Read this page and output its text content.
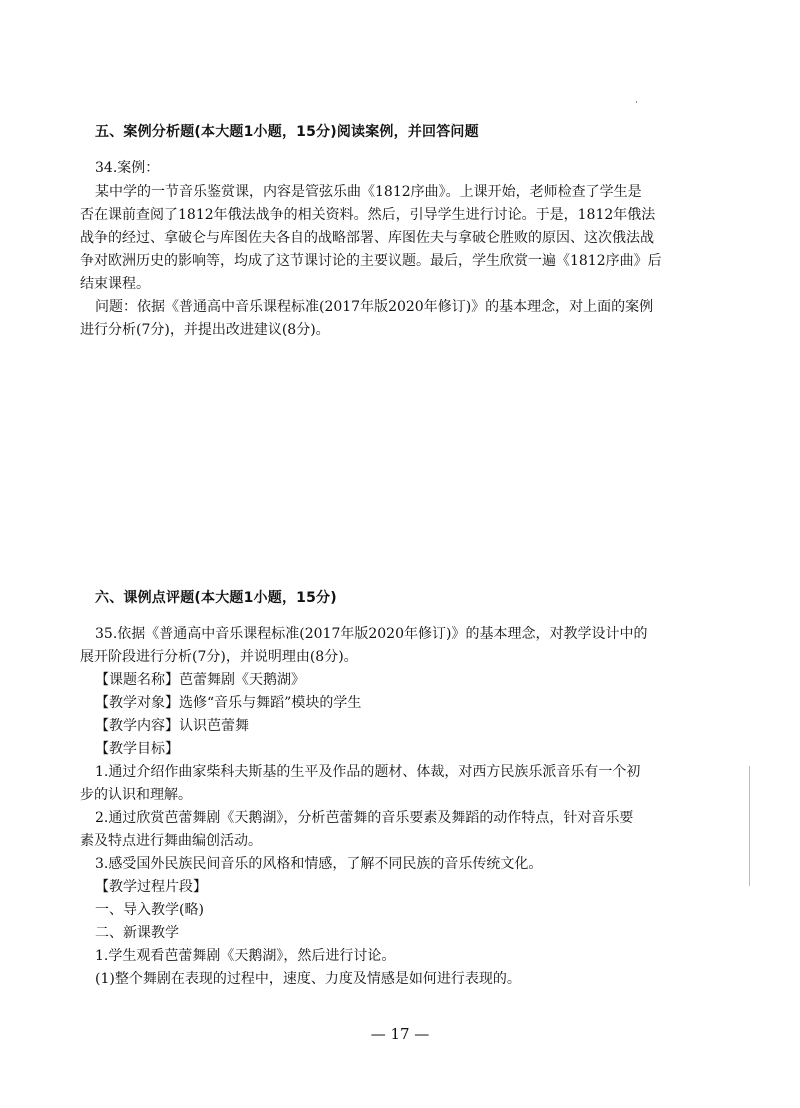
五、案例分析题(本大题1小题，15分)阅读案例，并回答问题
34.案例：
某中学的一节音乐鉴赏课，内容是管弦乐曲《1812序曲》。上课开始，老师检查了学生是
否在课前查阅了1812年俄法战争的相关资料。然后，引导学生进行讨论。于是，1812年俄法
战争的经过、拿破仑与库图佐夫各自的战略部署、库图佐夫与拿破仑胜败的原因、这次俄法战
争对欧洲历史的影响等，均成了这节课讨论的主要议题。最后，学生欣赏一遍《1812序曲》后
结束课程。
问题：依据《普通高中音乐课程标准(2017年版2020年修订)》的基本理念，对上面的案例
进行分析(7分)，并提出改进建议(8分)。
六、课例点评题(本大题1小题，15分)
35.依据《普通高中音乐课程标准(2017年版2020年修订)》的基本理念，对教学设计中的
展开阶段进行分析(7分)，并说明理由(8分)。
【课题名称】芭蕾舞剧《天鹅湖》
【教学对象】选修“音乐与舞蹈”模块的学生
【教学内容】认识芭蕾舞
【教学目标】
1.通过介绍作曲家柴科夫斯基的生平及作品的题材、体裁，对西方民族乐派音乐有一个初
步的认识和理解。
2.通过欣赏芭蕾舞剧《天鹅湖》，分析芭蕾舞的音乐要素及舞蹈的动作特点，针对音乐要
素及特点进行舞曲编创活动。
3.感受国外民族民间音乐的风格和情感，了解不同民族的音乐传统文化。
【教学过程片段】
一、导入教学(略)
二、新课教学
1.学生观看芭蕾舞剧《天鹅湖》，然后进行讨论。
(1)整个舞剧在表现的过程中，速度、力度及情感是如何进行表现的。
— 17 —
